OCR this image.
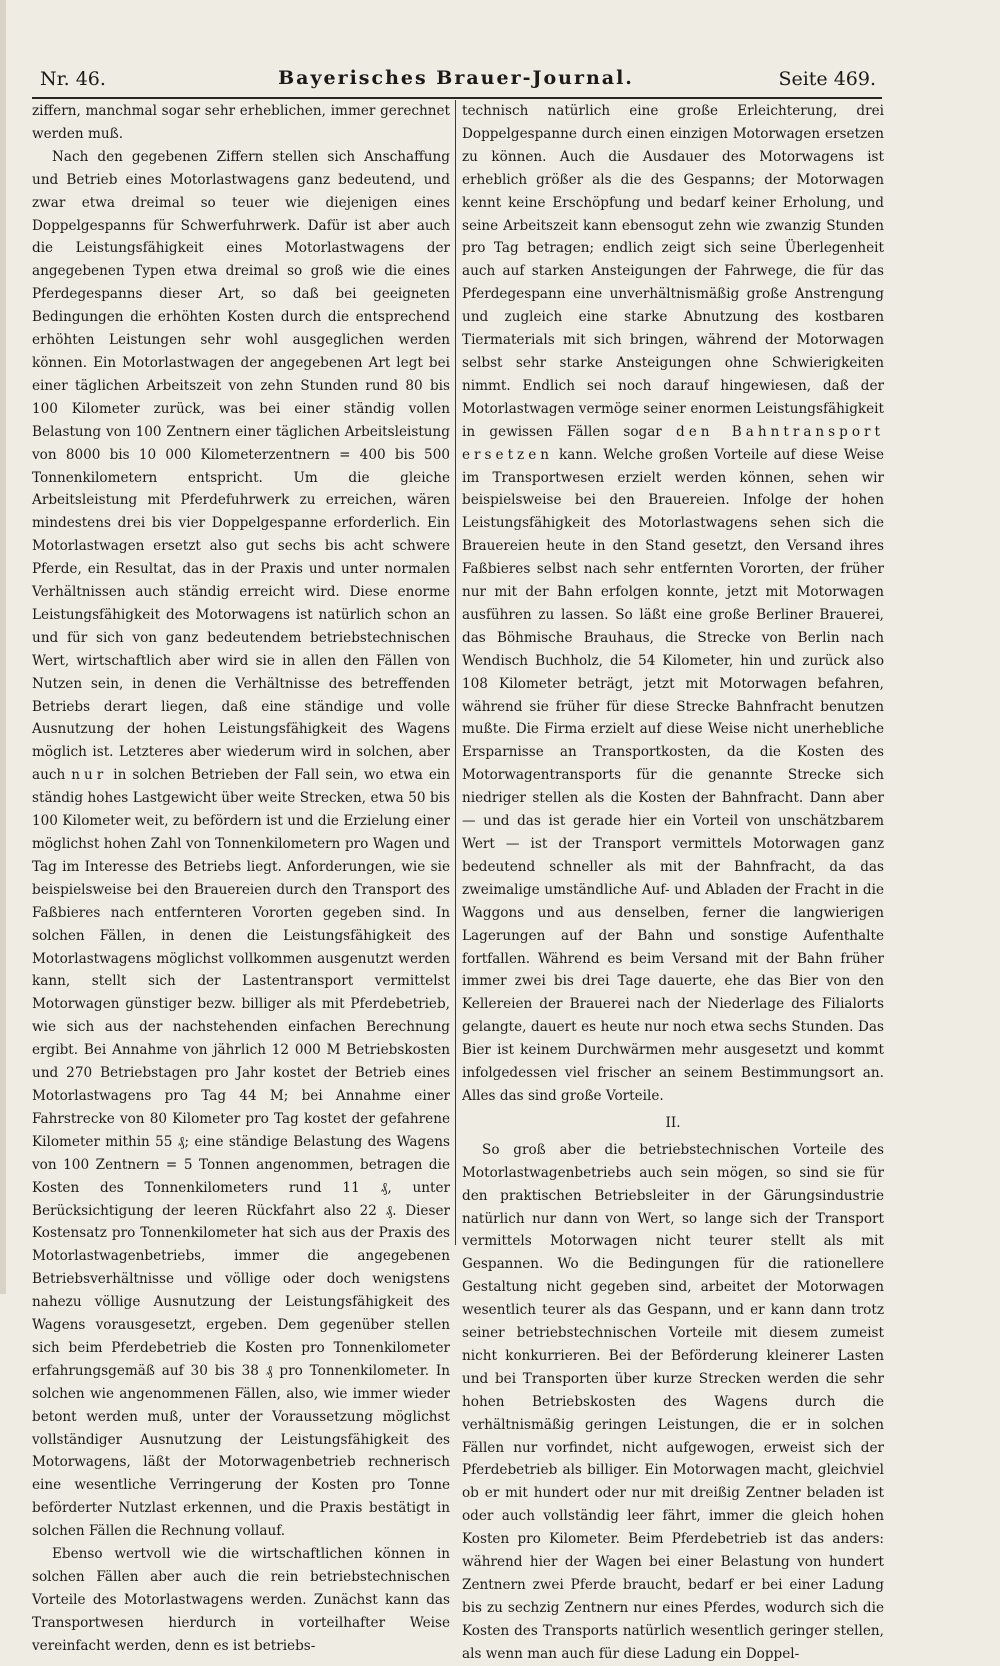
Nr. 46.	Bayerisches Brauer-Journal.	Seite 469.

ziffern, manchmal sogar sehr erheblichen, immer gerechnet werden muß.

Nach den gegebenen Ziffern stellen sich Anschaffung und Betrieb eines Motorlastwagens ganz bedeutend, und zwar etwa dreimal so teuer wie diejenigen eines Doppelgespanns für Schwerfuhrwerk. Dafür ist aber auch die Leistungsfähigkeit eines Motorlastwagens der angegebenen Typen etwa dreimal so groß wie die eines Pferdegespanns dieser Art, so daß bei geeigneten Bedingungen die erhöhten Kosten durch die entsprechend erhöhten Leistungen sehr wohl ausgeglichen werden können. Ein Motorlastwagen der angegebenen Art legt bei einer täglichen Arbeitszeit von zehn Stunden rund 80 bis 100 Kilometer zurück, was bei einer ständig vollen Belastung von 100 Zentnern einer täglichen Arbeitsleistung von 8000 bis 10 000 Kilometerzentnern = 400 bis 500 Tonnenkilometern entspricht. Um die gleiche Arbeitsleistung mit Pferdefuhrwerk zu erreichen, wären mindestens drei bis vier Doppelgespanne erforderlich. Ein Motorlastwagen ersetzt also gut sechs bis acht schwere Pferde, ein Resultat, das in der Praxis und unter normalen Verhältnissen auch ständig erreicht wird. Diese enorme Leistungsfähigkeit des Motorwagens ist natürlich schon an und für sich von ganz bedeutendem betriebstechnischen Wert, wirtschaftlich aber wird sie in allen den Fällen von Nutzen sein, in denen die Verhältnisse des betreffenden Betriebs derart liegen, daß eine ständige und volle Ausnutzung der hohen Leistungsfähigkeit des Wagens möglich ist. Letzteres aber wiederum wird in solchen, aber auch nur in solchen Betrieben der Fall sein, wo etwa ein ständig hohes Lastgewicht über weite Strecken, etwa 50 bis 100 Kilometer weit, zu befördern ist und die Erzielung einer möglichst hohen Zahl von Tonnenkilometern pro Wagen und Tag im Interesse des Betriebs liegt. Anforderungen, wie sie beispielsweise bei den Brauereien durch den Transport des Faßbieres nach entfernteren Vororten gegeben sind. In solchen Fällen, in denen die Leistungsfähigkeit des Motorlastwagens möglichst vollkommen ausgenutzt werden kann, stellt sich der Lastentransport vermittelst Motorwagen günstiger bezw. billiger als mit Pferdebetrieb, wie sich aus der nachstehenden einfachen Berechnung ergibt. Bei Annahme von jährlich 12 000 M Betriebskosten und 270 Betriebstagen pro Jahr kostet der Betrieb eines Motorlastwagens pro Tag 44 M; bei Annahme einer Fahrstrecke von 80 Kilometer pro Tag kostet der gefahrene Kilometer mithin 55 ₰; eine ständige Belastung des Wagens von 100 Zentnern = 5 Tonnen angenommen, betragen die Kosten des Tonnenkilometers rund 11 ₰, unter Berücksichtigung der leeren Rückfahrt also 22 ₰. Dieser Kostensatz pro Tonnenkilometer hat sich aus der Praxis des Motorlastwagenbetriebs, immer die angegebenen Betriebsverhältnisse und völlige oder doch wenigstens nahezu völlige Ausnutzung der Leistungsfähigkeit des Wagens vorausgesetzt, ergeben. Dem gegenüber stellen sich beim Pferdebetrieb die Kosten pro Tonnenkilometer erfahrungsgemäß auf 30 bis 38 ₰ pro Tonnenkilometer. In solchen wie angenommenen Fällen, also, wie immer wieder betont werden muß, unter der Voraussetzung möglichst vollständiger Ausnutzung der Leistungsfähigkeit des Motorwagens, läßt der Motorwagenbetrieb rechnerisch eine wesentliche Verringerung der Kosten pro Tonne beförderter Nutzlast erkennen, und die Praxis bestätigt in solchen Fällen die Rechnung vollauf.

Ebenso wertvoll wie die wirtschaftlichen können in solchen Fällen aber auch die rein betriebstechnischen Vorteile des Motorlastwagens werden. Zunächst kann das Transportwesen hierdurch in vorteilhafter Weise vereinfacht werden, denn es ist betriebs-

technisch natürlich eine große Erleichterung, drei Doppelgespanne durch einen einzigen Motorwagen ersetzen zu können. Auch die Ausdauer des Motorwagens ist erheblich größer als die des Gespanns; der Motorwagen kennt keine Erschöpfung und bedarf keiner Erholung, und seine Arbeitszeit kann ebensogut zehn wie zwanzig Stunden pro Tag betragen; endlich zeigt sich seine Überlegenheit auch auf starken Ansteigungen der Fahrwege, die für das Pferdegespann eine unverhältnismäßig große Anstrengung und zugleich eine starke Abnutzung des kostbaren Tiermaterials mit sich bringen, während der Motorwagen selbst sehr starke Ansteigungen ohne Schwierigkeiten nimmt. Endlich sei noch darauf hingewiesen, daß der Motorlastwagen vermöge seiner enormen Leistungsfähigkeit in gewissen Fällen sogar den Bahntransport ersetzen kann. Welche großen Vorteile auf diese Weise im Transportwesen erzielt werden können, sehen wir beispielsweise bei den Brauereien. Infolge der hohen Leistungsfähigkeit des Motorlastwagens sehen sich die Brauereien heute in den Stand gesetzt, den Versand ihres Faßbieres selbst nach sehr entfernten Vororten, der früher nur mit der Bahn erfolgen konnte, jetzt mit Motorwagen ausführen zu lassen. So läßt eine große Berliner Brauerei, das Böhmische Brauhaus, die Strecke von Berlin nach Wendisch Buchholz, die 54 Kilometer, hin und zurück also 108 Kilometer beträgt, jetzt mit Motorwagen befahren, während sie früher für diese Strecke Bahnfracht benutzen mußte. Die Firma erzielt auf diese Weise nicht unerhebliche Ersparnisse an Transportkosten, da die Kosten des Motorwagentransports für die genannte Strecke sich niedriger stellen als die Kosten der Bahnfracht. Dann aber — und das ist gerade hier ein Vorteil von unschätzbarem Wert — ist der Transport vermittels Motorwagen ganz bedeutend schneller als mit der Bahnfracht, da das zweimalige umständliche Auf- und Abladen der Fracht in die Waggons und aus denselben, ferner die langwierigen Lagerungen auf der Bahn und sonstige Aufenthalte fortfallen. Während es beim Versand mit der Bahn früher immer zwei bis drei Tage dauerte, ehe das Bier von den Kellereien der Brauerei nach der Niederlage des Filialorts gelangte, dauert es heute nur noch etwa sechs Stunden. Das Bier ist keinem Durchwärmen mehr ausgesetzt und kommt infolgedessen viel frischer an seinem Bestimmungsort an. Alles das sind große Vorteile.

II.

So groß aber die betriebstechnischen Vorteile des Motorlastwagenbetriebs auch sein mögen, so sind sie für den praktischen Betriebsleiter in der Gärungsindustrie natürlich nur dann von Wert, so lange sich der Transport vermittels Motorwagen nicht teurer stellt als mit Gespannen. Wo die Bedingungen für die rationellere Gestaltung nicht gegeben sind, arbeitet der Motorwagen wesentlich teurer als das Gespann, und er kann dann trotz seiner betriebstechnischen Vorteile mit diesem zumeist nicht konkurrieren. Bei der Beförderung kleinerer Lasten und bei Transporten über kurze Strecken werden die sehr hohen Betriebskosten des Wagens durch die verhältnismäßig geringen Leistungen, die er in solchen Fällen nur vorfindet, nicht aufgewogen, erweist sich der Pferdebetrieb als billiger. Ein Motorwagen macht, gleichviel ob er mit hundert oder nur mit dreißig Zentner beladen ist oder auch vollständig leer fährt, immer die gleich hohen Kosten pro Kilometer. Beim Pferdebetrieb ist das anders: während hier der Wagen bei einer Belastung von hundert Zentnern zwei Pferde braucht, bedarf er bei einer Ladung bis zu sechzig Zentnern nur eines Pferdes, wodurch sich die Kosten des Transports natürlich wesentlich geringer stellen, als wenn man auch für diese Ladung ein Doppel-
